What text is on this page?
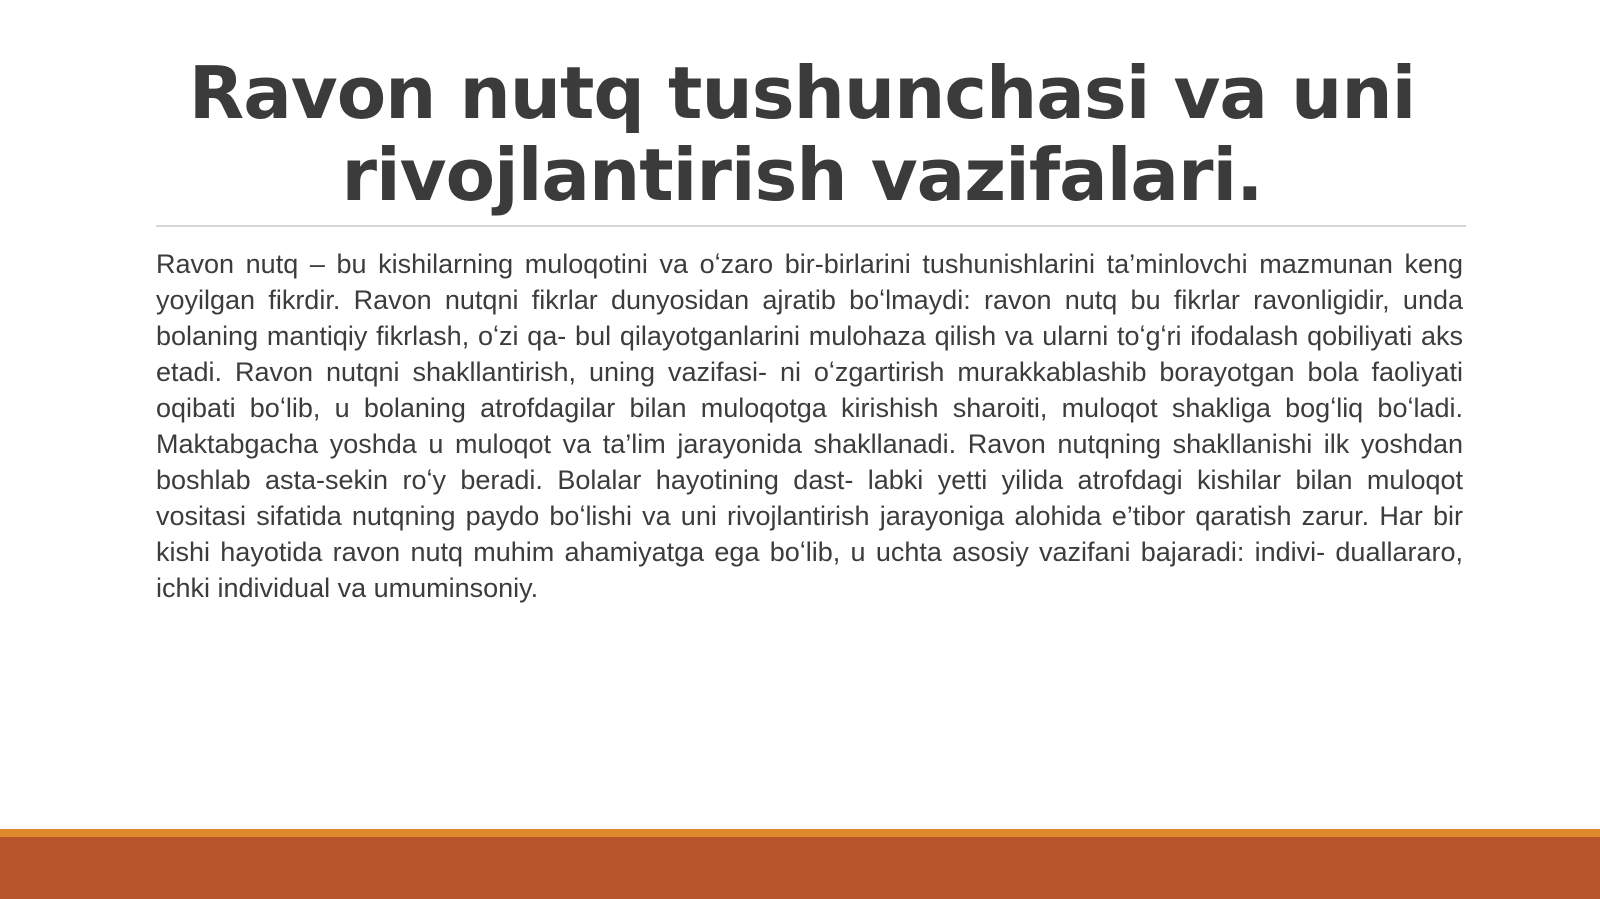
Ravon nutq tushunchasi va uni rivojlantirish vazifalari.

Ravon nutq – bu kishilarning muloqotini va oʻzaro bir-birlarini tushunishlarini ta’minlovchi mazmunan keng yoyilgan fikrdir. Ravon nutqni fikrlar dunyosidan ajratib boʻlmaydi: ravon nutq bu fikrlar ravonligidir, unda bolaning mantiqiy fikrlash, oʻzi qa- bul qilayotganlarini mulohaza qilish va ularni toʻgʻri ifodalash qobiliyati aks etadi. Ravon nutqni shakllantirish, uning vazifasi- ni oʻzgartirish murakkablashib borayotgan bola faoliyati oqibati boʻlib, u bolaning atrofdagilar bilan muloqotga kirishish sharoiti, muloqot shakliga bogʻliq boʻladi. Maktabgacha yoshda u muloqot va ta’lim jarayonida shakllanadi. Ravon nutqning shakllanishi ilk yoshdan boshlab asta-sekin roʻy beradi. Bolalar hayotining dast- labki yetti yilida atrofdagi kishilar bilan muloqot vositasi sifatida nutqning paydo boʻlishi va uni rivojlantirish jarayoniga alohida e’tibor qaratish zarur. Har bir kishi hayotida ravon nutq muhim ahamiyatga ega boʻlib, u uchta asosiy vazifani bajaradi: indivi- duallararo, ichki individual va umuminsoniy.
